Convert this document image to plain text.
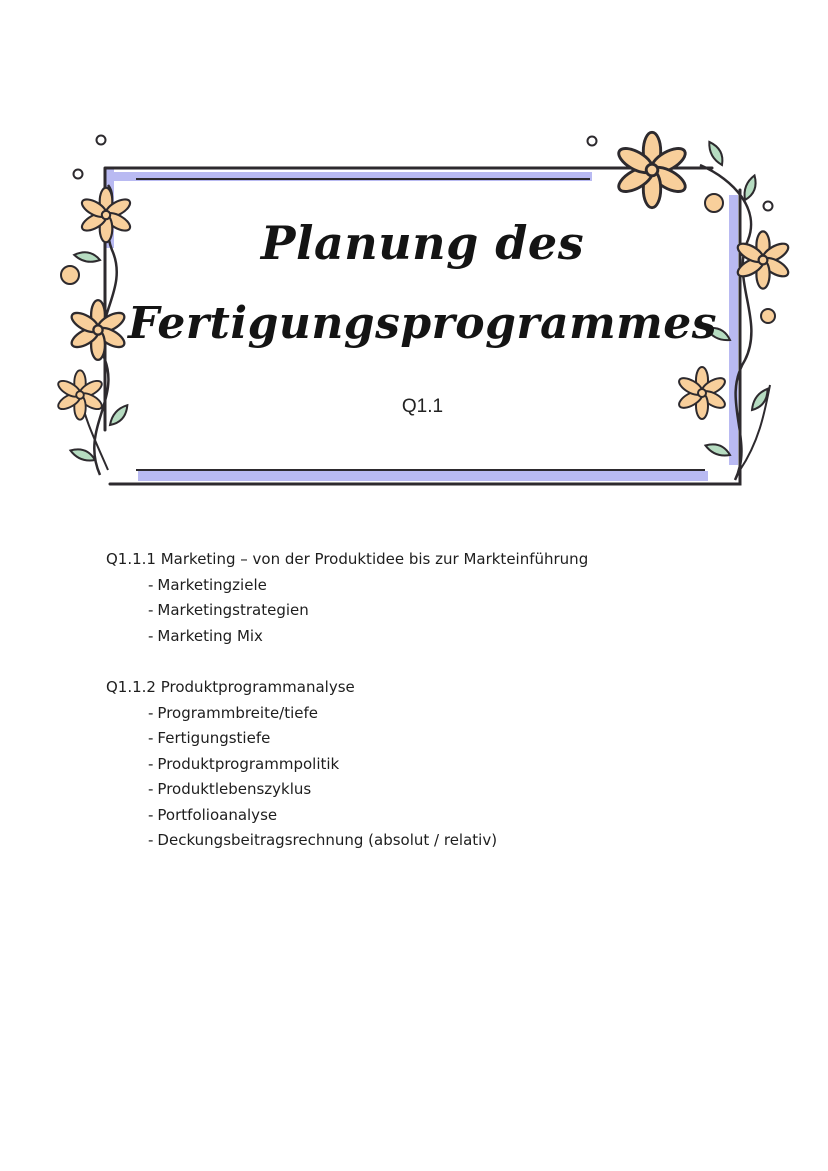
Planung des
Fertigungsprogrammes
Q1.1
Q1.1.1 Marketing – von der Produktidee bis zur Markteinführung
- Marketingziele
- Marketingstrategien
- Marketing Mix
Q1.1.2 Produktprogrammanalyse
- Programmbreite/tiefe
- Fertigungstiefe
- Produktprogrammpolitik
- Produktlebenszyklus
- Portfolioanalyse
- Deckungsbeitragsrechnung (absolut / relativ)
